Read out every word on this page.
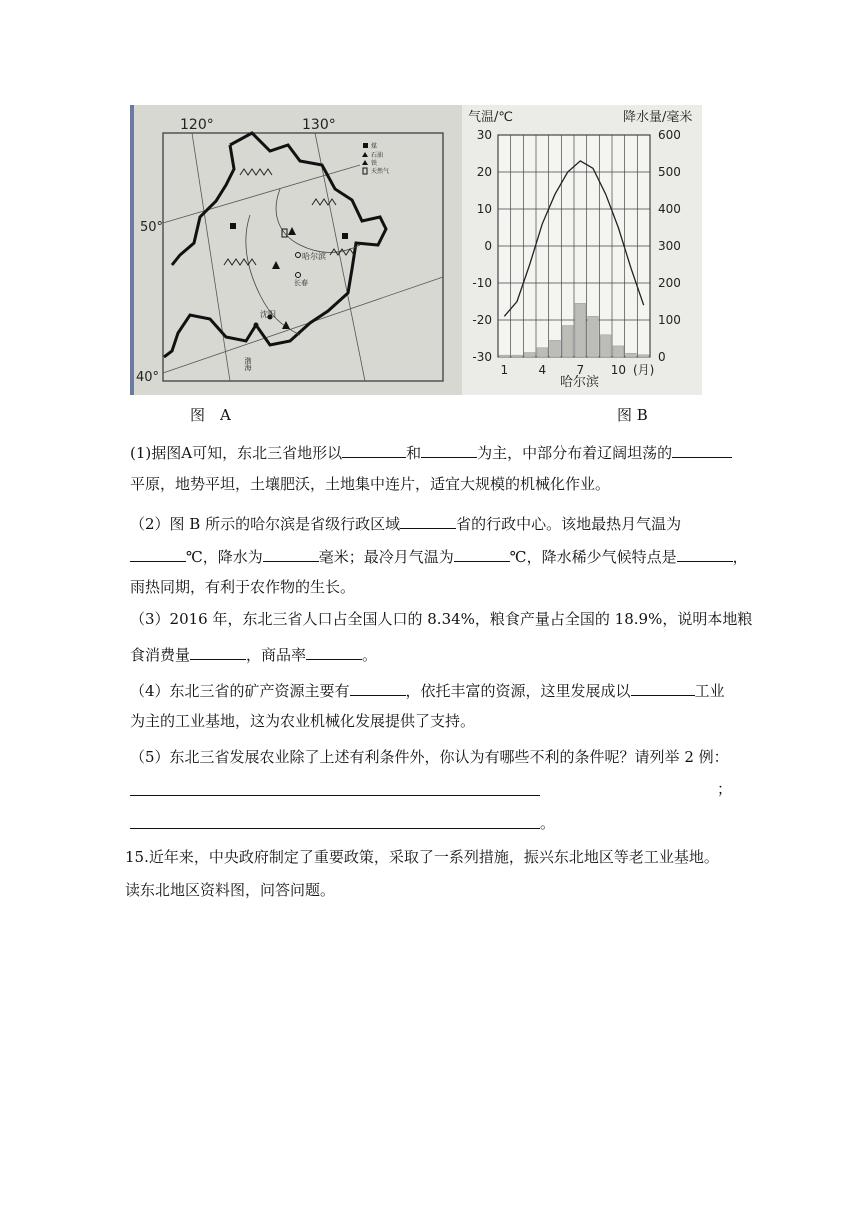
煤
石油
铁
天然气
120°	130°
50°
40°
哈尔滨
长春
沈阳
渤海
气温/℃	降水量/毫米
30
20
10
0
-10
-20
-30
600
500
400
300
200
100
0
1	4	7 10 (月)
哈尔滨
图　A	图 B
(1)据图A可知，东北三省地形以	和	为主，中部分布着辽阔坦荡的
平原，地势平坦，土壤肥沃，土地集中连片，适宜大规模的机械化作业。
（2）图 B 所示的哈尔滨是省级行政区域	省的行政中心。该地最热月气温为
℃，降水为	毫米；最冷月气温为	℃，降水稀少气候特点是	，
雨热同期，有利于农作物的生长。
（3）2016 年，东北三省人口占全国人口的 8.34%，粮食产量占全国的 18.9%，说明本地粮
食消费量	，商品率	。
（4）东北三省的矿产资源主要有	，依托丰富的资源，这里发展成以	工业
为主的工业基地，这为农业机械化发展提供了支持。
（5）东北三省发展农业除了上述有利条件外，你认为有哪些不利的条件呢？请列举 2 例：
；
。
15.近年来，中央政府制定了重要政策，采取了一系列措施，振兴东北地区等老工业基地。
读东北地区资料图，问答问题。
